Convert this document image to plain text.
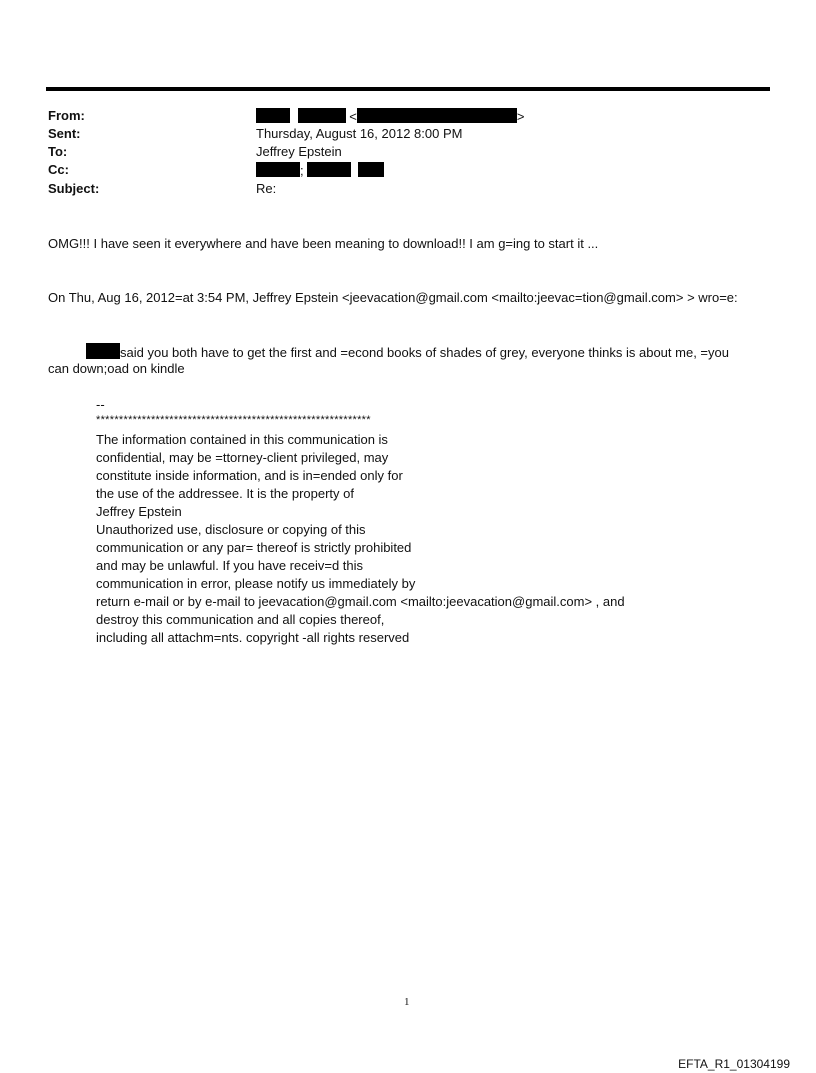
From:	<	>
Sent:	Thursday, August 16, 2012 8:00 PM
To:	Jeffrey Epstein
Cc:	;
Subject:	Re:
OMG!!! I have seen it everywhere and have been meaning to download!! I am g=ing to start it ...
On Thu, Aug 16, 2012=at 3:54 PM, Jeffrey Epstein <jeevacation@gmail.com <mailto:jeevac=tion@gmail.com> > wro=e:
said you both have to get the first and =econd books of shades of grey, everyone thinks is about me, =you
can down;oad on kindle
--
************************************************************
The information contained in this communication is
confidential, may be =ttorney-client privileged, may
constitute inside information, and is in=ended only for
the use of the addressee. It is the property of
Jeffrey Epstein
Unauthorized use, disclosure or copying of this
communication or any par= thereof is strictly prohibited
and may be unlawful. If you have receiv=d this
communication in error, please notify us immediately by
return e-mail or by e-mail to jeevacation@gmail.com <mailto:jeevacation@gmail.com> , and
destroy this communication and all copies thereof,
including all attachm=nts. copyright -all rights reserved
1
EFTA_R1_01304199
